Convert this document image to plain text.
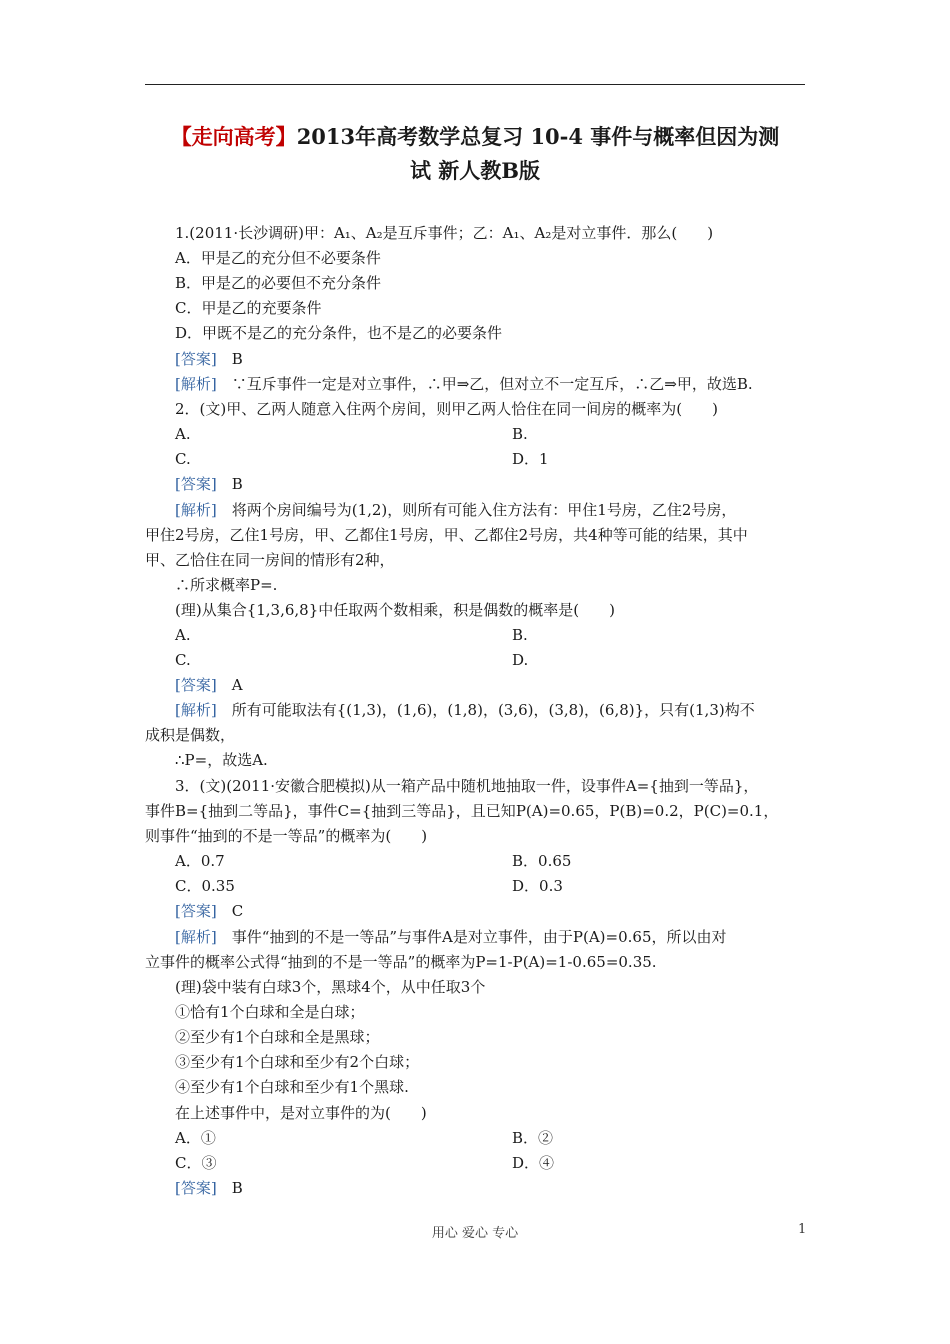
【走向高考】2013年高考数学总复习 10-4 事件与概率但因为测
试 新人教B版
1.(2011·长沙调研)甲：A₁、A₂是互斥事件；乙：A₁、A₂是对立事件．那么(　　)
A．甲是乙的充分但不必要条件
B．甲是乙的必要但不充分条件
C．甲是乙的充要条件
D．甲既不是乙的充分条件，也不是乙的必要条件
[答案]　B
[解析]　∵互斥事件一定是对立事件，∴甲⇒乙，但对立不一定互斥，∴乙⇒甲，故选B.
2．(文)甲、乙两人随意入住两个房间，则甲乙两人恰住在同一间房的概率为(　　)
A.	B.
C.	D．1
[答案]　B
[解析]　将两个房间编号为(1,2)，则所有可能入住方法有：甲住1号房，乙住2号房，
甲住2号房，乙住1号房，甲、乙都住1号房，甲、乙都住2号房，共4种等可能的结果，其中
甲、乙恰住在同一房间的情形有2种，
∴所求概率P=.
(理)从集合{1,3,6,8}中任取两个数相乘，积是偶数的概率是(　　)
A.	B.
C.	D.
[答案]　A
[解析]　所有可能取法有{(1,3)，(1,6)，(1,8)，(3,6)，(3,8)，(6,8)}，只有(1,3)构不
成积是偶数，
∴P=，故选A.
3．(文)(2011·安徽合肥模拟)从一箱产品中随机地抽取一件，设事件A={抽到一等品}，
事件B={抽到二等品}，事件C={抽到三等品}，且已知P(A)=0.65，P(B)=0.2，P(C)=0.1，
则事件“抽到的不是一等品”的概率为(　　)
A．0.7	B．0.65
C．0.35	D．0.3
[答案]　C
[解析]　事件“抽到的不是一等品”与事件A是对立事件，由于P(A)=0.65，所以由对
立事件的概率公式得“抽到的不是一等品”的概率为P=1-P(A)=1-0.65=0.35.
(理)袋中装有白球3个，黑球4个，从中任取3个
①恰有1个白球和全是白球；
②至少有1个白球和全是黑球；
③至少有1个白球和至少有2个白球；
④至少有1个白球和至少有1个黑球.
在上述事件中，是对立事件的为(　　)
A．①	B．②
C．③	D．④
[答案]　B
用心 爱心 专心	1
